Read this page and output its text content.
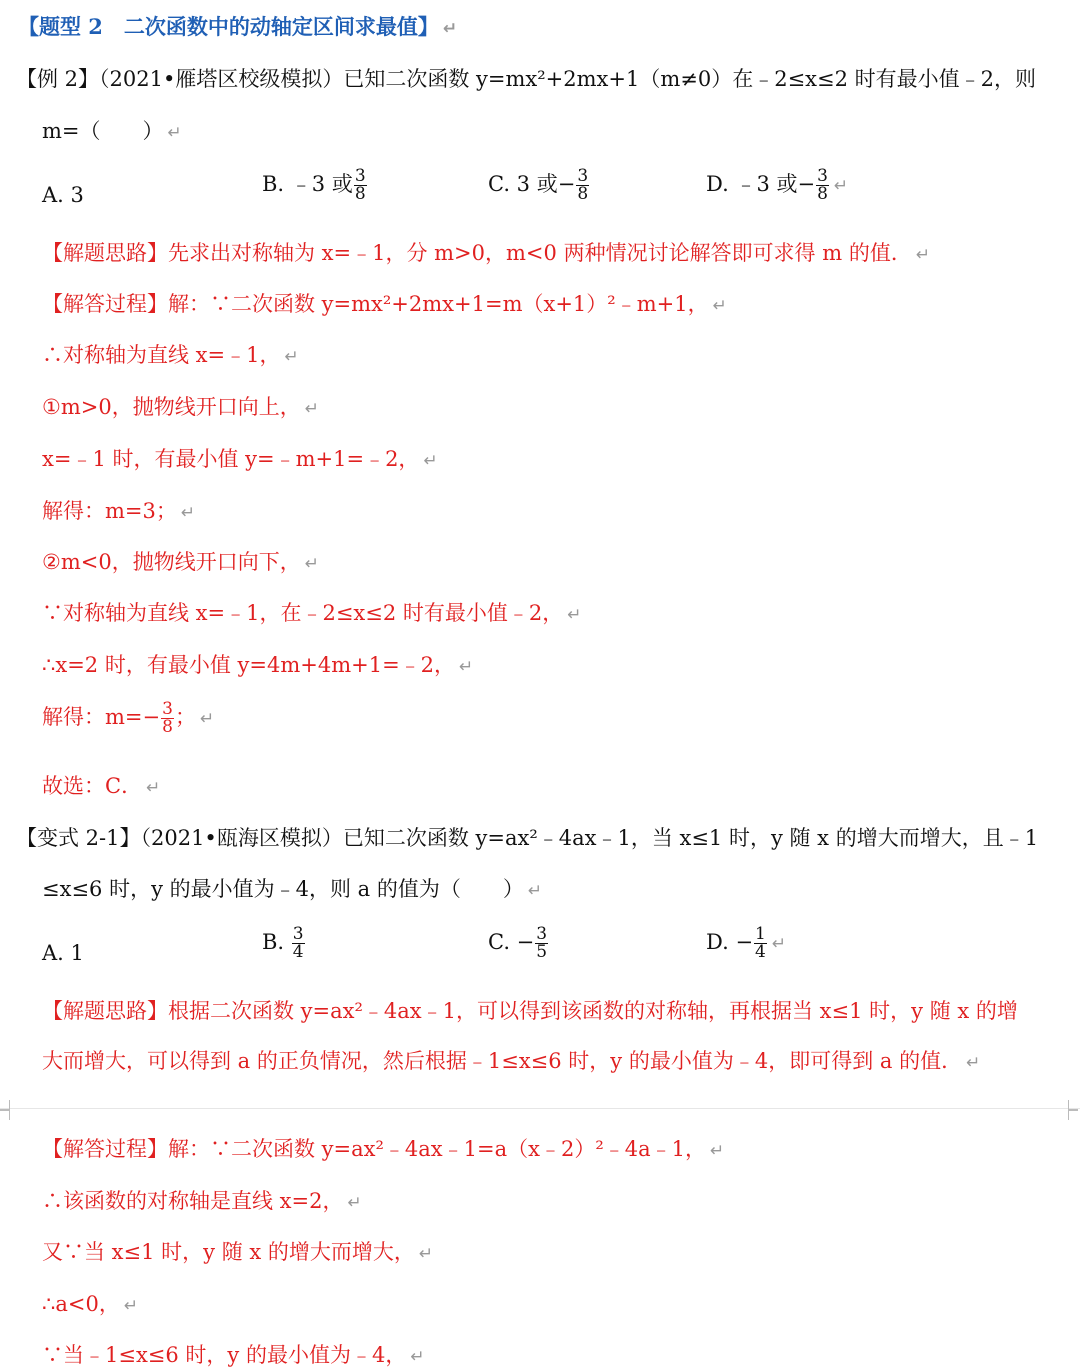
【题型 2　二次函数中的动轴定区间求最值】 ↵
【例 2】（2021•雁塔区校级模拟）已知二次函数 y=mx²+2mx+1（m≠0）在﹣2≤x≤2 时有最小值﹣2，则
m=（　　） ↵
A. 3	B. ﹣3 或 $\frac{3}{8}$	C. 3 或− $\frac{3}{8}$	D. ﹣3 或− $\frac{3}{8}$ ↵
【解题思路】先求出对称轴为 x=﹣1，分 m>0，m<0 两种情况讨论解答即可求得 m 的值． ↵
【解答过程】解：∵二次函数 y=mx²+2mx+1=m（x+1）²﹣m+1， ↵
∴对称轴为直线 x=﹣1， ↵
①m>0，抛物线开口向上， ↵
x=﹣1 时，有最小值 y=﹣m+1=﹣2， ↵
解得：m=3； ↵
②m<0，抛物线开口向下， ↵
∵对称轴为直线 x=﹣1，在﹣2≤x≤2 时有最小值﹣2， ↵
∴x=2 时，有最小值 y=4m+4m+1=﹣2， ↵
解得：$m=- \frac{3}{8}$ ； ↵
故选：C． ↵
【变式 2-1】（2021•瓯海区模拟）已知二次函数 y=ax²﹣4ax﹣1，当 x≤1 时，y 随 x 的增大而增大，且﹣1
≤x≤6 时，y 的最小值为﹣4，则 a 的值为（　　） ↵
A. 1	B. $\frac{3}{4}$	C. − $\frac{3}{5}$	D. − $\frac{1}{4}$ ↵
【解题思路】根据二次函数 y=ax²﹣4ax﹣1，可以得到该函数的对称轴，再根据当 x≤1 时，y 随 x 的增
大而增大，可以得到 a 的正负情况，然后根据﹣1≤x≤6 时，y 的最小值为﹣4，即可得到 a 的值． ↵
【解答过程】解：∵二次函数 y=ax²﹣4ax﹣1=a（x﹣2）²﹣4a﹣1， ↵
∴该函数的对称轴是直线 x=2， ↵
又∵当 x≤1 时，y 随 x 的增大而增大， ↵
∴a<0， ↵
∵当﹣1≤x≤6 时，y 的最小值为﹣4， ↵
